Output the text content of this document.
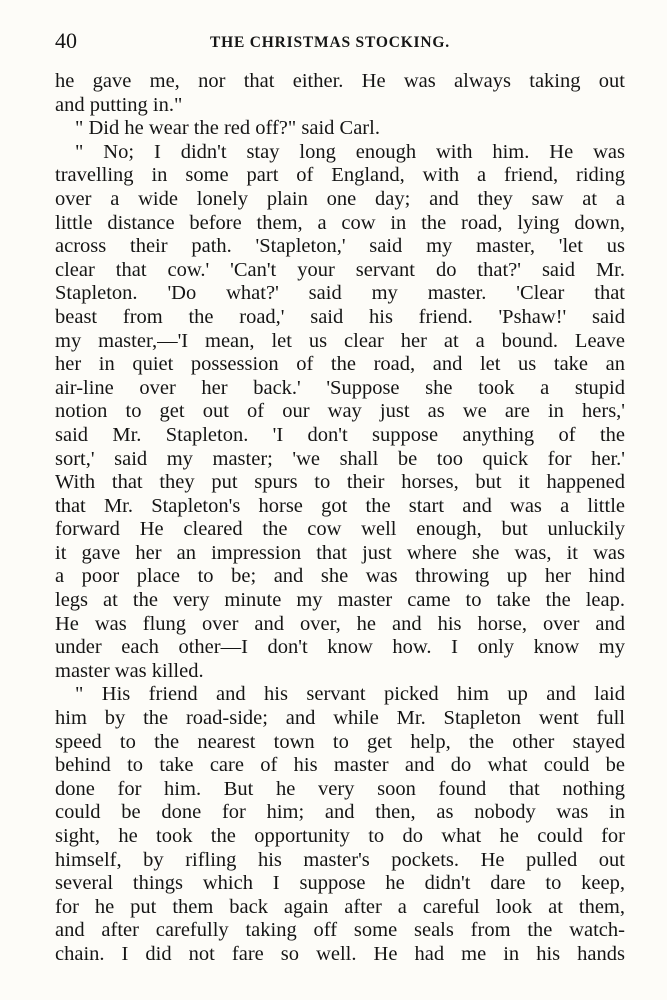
40	THE CHRISTMAS STOCKING.
he gave me, nor that either. He was always taking out
and putting in."
" Did he wear the red off?" said Carl.
" No; I didn't stay long enough with him. He was
travelling in some part of England, with a friend, riding
over a wide lonely plain one day; and they saw at a
little distance before them, a cow in the road, lying down,
across their path. 'Stapleton,' said my master, 'let us
clear that cow.' 'Can't your servant do that?' said Mr.
Stapleton. 'Do what?' said my master. 'Clear that
beast from the road,' said his friend. 'Pshaw!' said
my master,—'I mean, let us clear her at a bound. Leave
her in quiet possession of the road, and let us take an
air-line over her back.' 'Suppose she took a stupid
notion to get out of our way just as we are in hers,'
said Mr. Stapleton. 'I don't suppose anything of the
sort,' said my master; 'we shall be too quick for her.'
With that they put spurs to their horses, but it happened
that Mr. Stapleton's horse got the start and was a little
forward He cleared the cow well enough, but unluckily
it gave her an impression that just where she was, it was
a poor place to be; and she was throwing up her hind
legs at the very minute my master came to take the leap.
He was flung over and over, he and his horse, over and
under each other—I don't know how. I only know my
master was killed.
" His friend and his servant picked him up and laid
him by the road-side; and while Mr. Stapleton went full
speed to the nearest town to get help, the other stayed
behind to take care of his master and do what could be
done for him. But he very soon found that nothing
could be done for him; and then, as nobody was in
sight, he took the opportunity to do what he could for
himself, by rifling his master's pockets. He pulled out
several things which I suppose he didn't dare to keep,
for he put them back again after a careful look at them,
and after carefully taking off some seals from the watch-
chain. I did not fare so well. He had me in his hands
